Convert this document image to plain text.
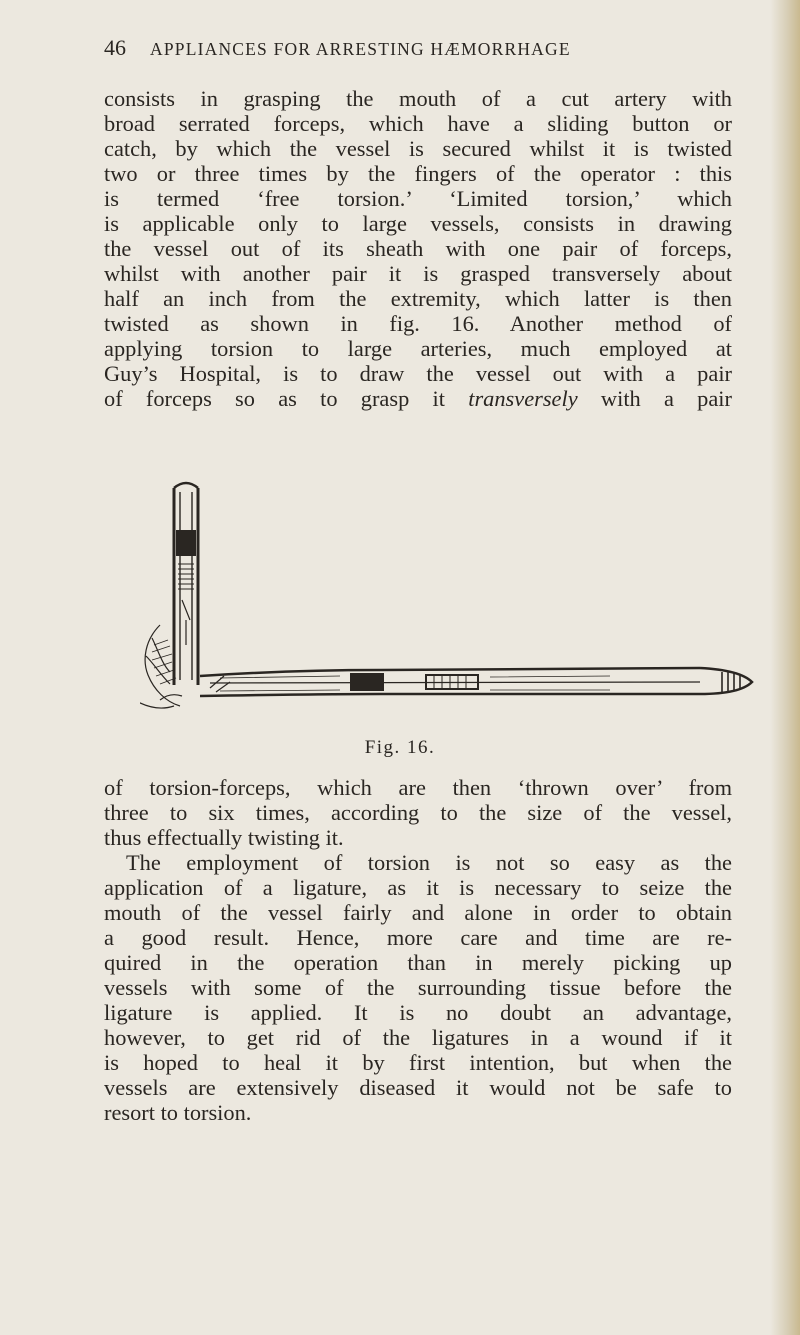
46 APPLIANCES FOR ARRESTING HÆMORRHAGE
consists in grasping the mouth of a cut artery with
broad serrated forceps, which have a sliding button or
catch, by which the vessel is secured whilst it is twisted
two or three times by the fingers of the operator : this
is termed ‘free torsion.’ ‘Limited torsion,’ which
is applicable only to large vessels, consists in drawing
the vessel out of its sheath with one pair of forceps,
whilst with another pair it is grasped transversely about
half an inch from the extremity, which latter is then
twisted as shown in fig. 16. Another method of
applying torsion to large arteries, much employed at
Guy’s Hospital, is to draw the vessel out with a pair
of forceps so as to grasp it transversely with a pair
Fig. 16.
of torsion-forceps, which are then ‘thrown over’ from
three to six times, according to the size of the vessel,
thus effectually twisting it.
The employment of torsion is not so easy as the
application of a ligature, as it is necessary to seize the
mouth of the vessel fairly and alone in order to obtain
a good result. Hence, more care and time are re-
quired in the operation than in merely picking up
vessels with some of the surrounding tissue before the
ligature is applied. It is no doubt an advantage,
however, to get rid of the ligatures in a wound if it
is hoped to heal it by first intention, but when the
vessels are extensively diseased it would not be safe to
resort to torsion.
